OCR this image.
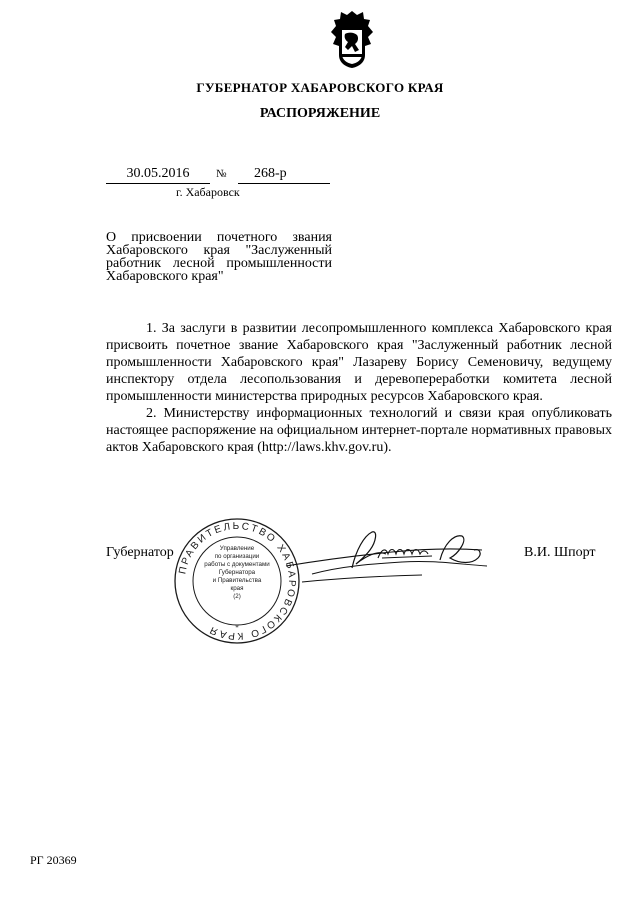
ГУБЕРНАТОР ХАБАРОВСКОГО КРАЯ
РАСПОРЯЖЕНИЕ
30.05.2016	№	268-р
г. Хабаровск
О присвоении почетного звания Хабаровского края "Заслуженный работник лесной промышленности Хабаровского края"

1. За заслуги в развитии лесопромышленного комплекса Хабаровского края присвоить почетное звание Хабаровского края "Заслуженный работник лесной промышленности Хабаровского края" Лазареву Борису Семеновичу, ведущему инспектору отдела лесопользования и деревопереработки комитета лесной промышленности министерства природных ресурсов Хабаровского края.

2. Министерству информационных технологий и связи края опубликовать настоящее распоряжение на официальном интернет-портале нормативных правовых актов Хабаровского края (http://laws.khv.gov.ru).

Губернатор	В.И. Шпорт
ПРАВИТЕЛЬСТВО ХАБАРОВСКОГО КРАЯ
Управление
по организации
работы с документами
Губернатора
и Правительства
края
(2)
*
РГ 20369
